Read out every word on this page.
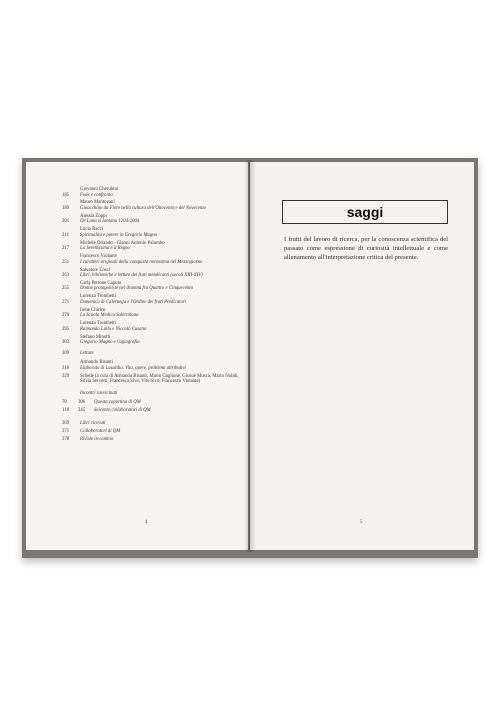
Giovanni Cherubini
185	Fede e confronto
Mauro Mantovani
189	Gioacchino da Fiore nella cultura dell'Ottocento e del Novecento
Alessia Zoppi
201	De Luna si Iontano 1204-2004
Lucia Bacci
211	Spiritualità e potere in Gregorio Magno
Michele Orlando - Gianni Antonio Palumbo
217	La Serenissima e il Regno
Francesco Violante
251	I caratteri originali della conquista normanna nel Mezzogiorno
Salvatore Losci
263	Libri, biblioteche e letture dei frati mendicanti (secoli XIII-XIV)
Carla Petrone Caputo
255	Donne protagoniste nei drammi fra Quattro e Cinquecento
Lorenza Trombetti
271	Domenico di Caleruega e l'Ordine dei frati Predicatori
Irene Chirico
279	La Scuola Medica Salernitana
Lorenza Trombetti
295	Raimondo Lullo e Niccolò Cusano
Stefano Minotti
303	Gregorio Magno e l'agiografia
309	Letture
Armando Bisanti
310	Elaborato di Lasardio. Vita, opere, problemi attributivi
329	Schede (a cura di Armando Bisanti, Mario Gaglione, Giosuè Musca, Mario Nobili, Silvia Servetti, Francesca Sivo, Vito Sivo, Francesco Violante)
Incontri ravvicinati
70	306	Questa copertina di QM
118	345	Seicento collaboratori di QM
369	Libri ricevuti
371	Collaboratori di QM
378	Riviste in cambio
4
saggi
I frutti del lavoro di ricerca, per la conoscenza scientifica del passato come espressione di curiosità intellettuale e come allenamento all'interpretazione critica del presente.
5
